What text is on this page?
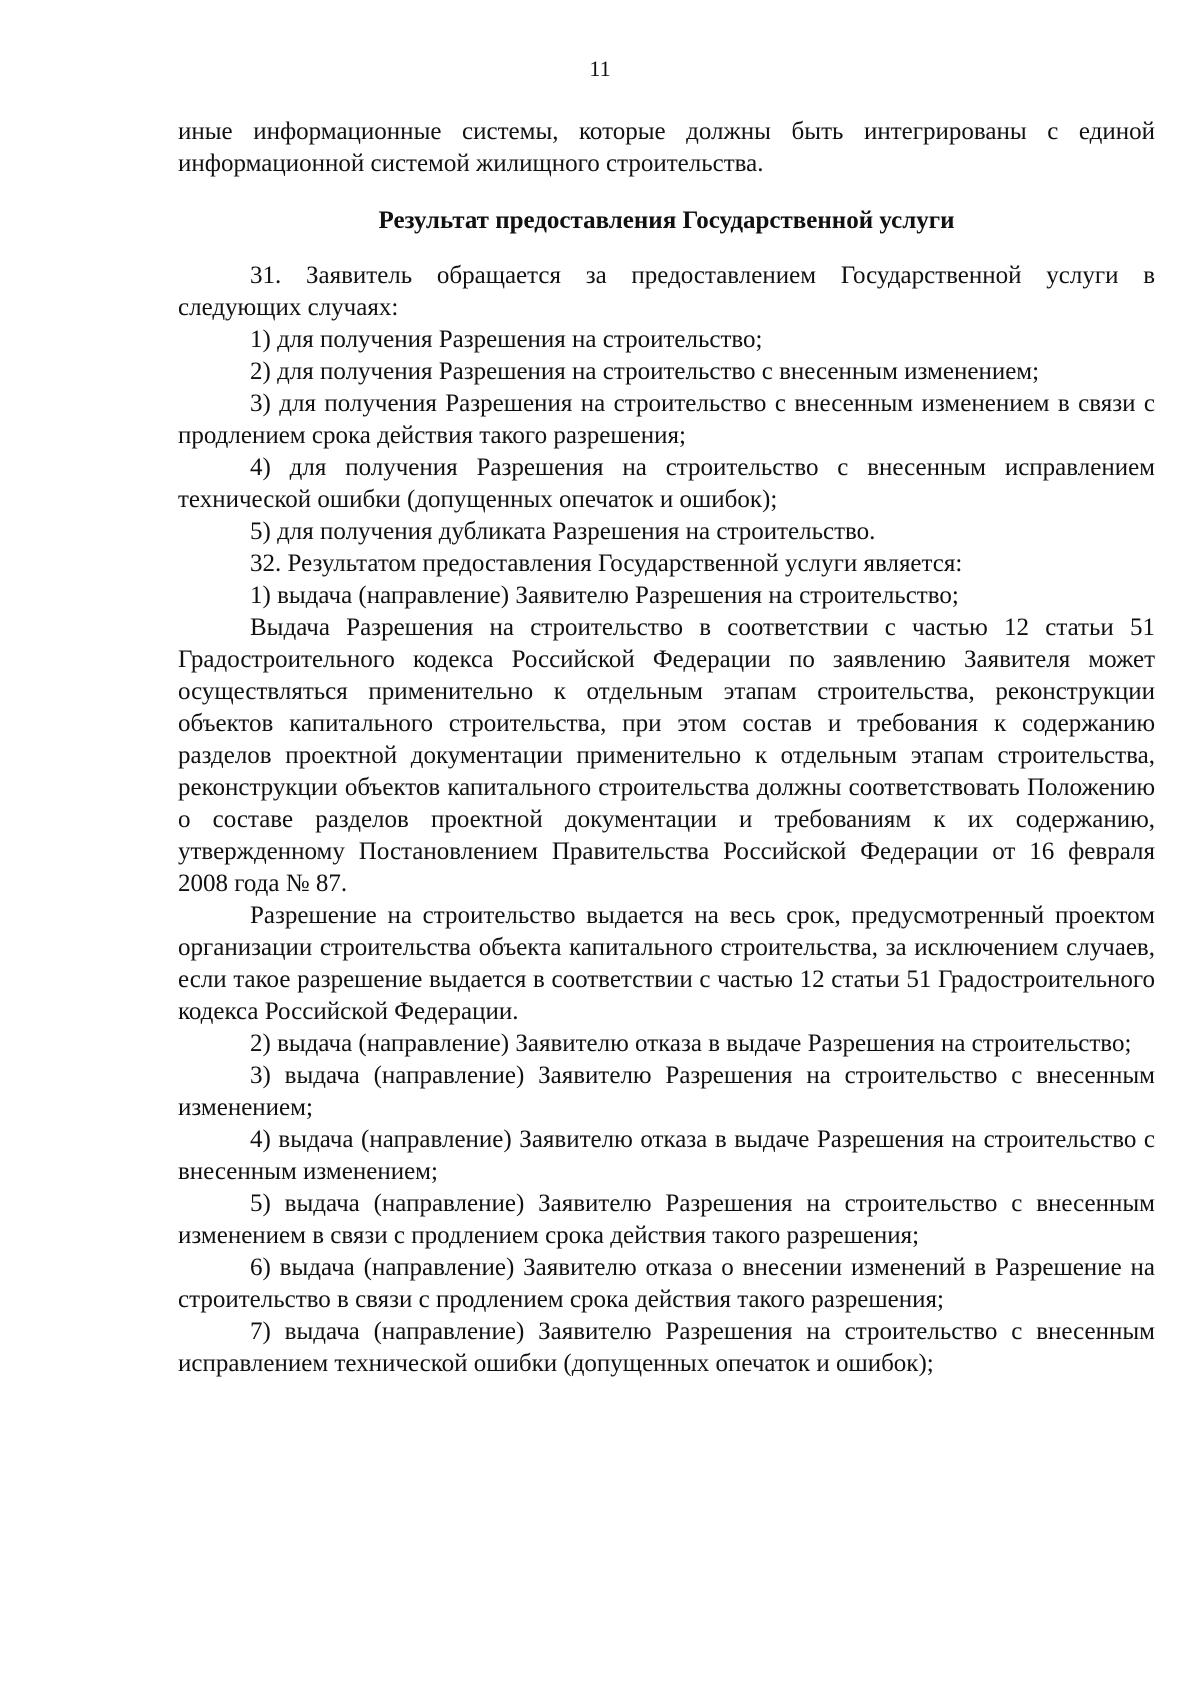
11

иные информационные системы, которые должны быть интегрированы с единой информационной системой жилищного строительства.

Результат предоставления Государственной услуги

31. Заявитель обращается за предоставлением Государственной услуги в следующих случаях:

1) для получения Разрешения на строительство;

2) для получения Разрешения на строительство с внесенным изменением;

3) для получения Разрешения на строительство с внесенным изменением в связи с продлением срока действия такого разрешения;

4) для получения Разрешения на строительство с внесенным исправлением технической ошибки (допущенных опечаток и ошибок);

5) для получения дубликата Разрешения на строительство.

32. Результатом предоставления Государственной услуги является:

1) выдача (направление) Заявителю Разрешения на строительство;

Выдача Разрешения на строительство в соответствии с частью 12 статьи 51 Градостроительного кодекса Российской Федерации по заявлению Заявителя может осуществляться применительно к отдельным этапам строительства, реконструкции объектов капитального строительства, при этом состав и требования к содержанию разделов проектной документации применительно к отдельным этапам строительства, реконструкции объектов капитального строительства должны соответствовать Положению о составе разделов проектной документации и требованиям к их содержанию, утвержденному Постановлением Правительства Российской Федерации от 16 февраля 2008 года № 87.

Разрешение на строительство выдается на весь срок, предусмотренный проектом организации строительства объекта капитального строительства, за исключением случаев, если такое разрешение выдается в соответствии с частью 12 статьи 51 Градостроительного кодекса Российской Федерации.

2) выдача (направление) Заявителю отказа в выдаче Разрешения на строительство;

3) выдача (направление) Заявителю Разрешения на строительство с внесенным изменением;

4) выдача (направление) Заявителю отказа в выдаче Разрешения на строительство с внесенным изменением;

5) выдача (направление) Заявителю Разрешения на строительство с внесенным изменением в связи с продлением срока действия такого разрешения;

6) выдача (направление) Заявителю отказа о внесении изменений в Разрешение на строительство в связи с продлением срока действия такого разрешения;

7) выдача (направление) Заявителю Разрешения на строительство с внесенным исправлением технической ошибки (допущенных опечаток и ошибок);
